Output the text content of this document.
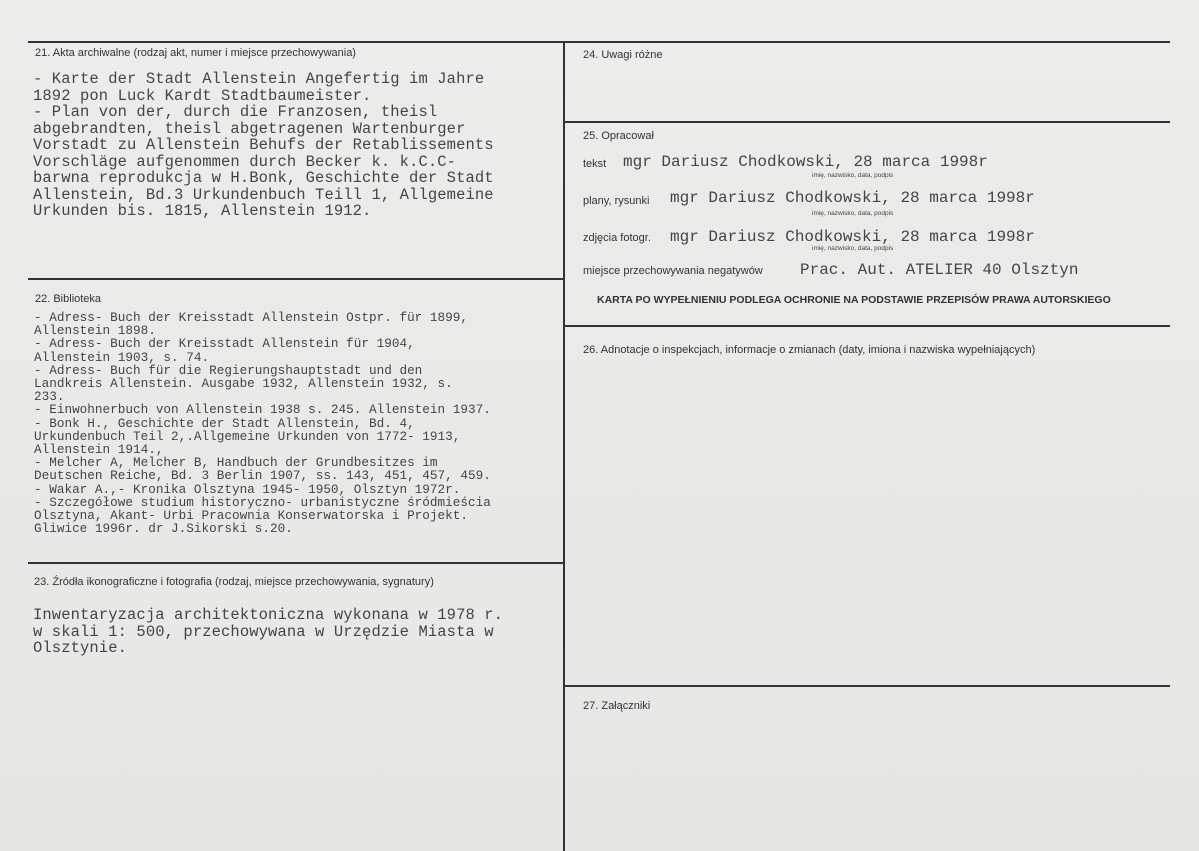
21. Akta archiwalne (rodzaj akt, numer i miejsce przechowywania)
- Karte der Stadt Allenstein Angefertig im Jahre
1892 pon Luck Kardt Stadtbaumeister.
- Plan von der, durch die Franzosen, theisl
abgebrandten, theisl abgetragenen Wartenburger
Vorstadt zu Allenstein Behufs der Retablissements
Vorschläge aufgenommen durch Becker k. k.C.C-
barwna reprodukcja w H.Bonk, Geschichte der Stadt
Allenstein, Bd.3 Urkundenbuch Teill 1, Allgemeine
Urkunden bis. 1815, Allenstein 1912.
22. Biblioteka
- Adress- Buch der Kreisstadt Allenstein Ostpr. für 1899,
Allenstein 1898.
- Adress- Buch der Kreisstadt Allenstein für 1904,
Allenstein 1903, s. 74.
- Adress- Buch für die Regierungshauptstadt und den
Landkreis Allenstein. Ausgabe 1932, Allenstein 1932, s.
233.
- Einwohnerbuch von Allenstein 1938 s. 245. Allenstein 1937.
- Bonk H., Geschichte der Stadt Allenstein, Bd. 4,
Urkundenbuch Teil 2,.Allgemeine Urkunden von 1772- 1913,
Allenstein 1914.,
- Melcher A, Melcher B, Handbuch der Grundbesitzes im
Deutschen Reiche, Bd. 3 Berlin 1907, ss. 143, 451, 457, 459.
- Wakar A.,- Kronika Olsztyna 1945- 1950, Olsztyn 1972r.
- Szczegółowe studium historyczno- urbanistyczne śródmieścia
Olsztyna, Akant- Urbi Pracownia Konserwatorska i Projekt.
Gliwice 1996r. dr J.Sikorski s.20.
23. Źródła ikonograficzne i fotografia (rodzaj, miejsce przechowywania, sygnatury)
Inwentaryzacja architektoniczna wykonana w 1978 r.
w skali 1: 500, przechowywana w Urzędzie Miasta w
Olsztynie.
24. Uwagi różne
25. Opracował
tekst mgr Dariusz Chodkowski, 28 marca 1998r
imię, nazwisko, data, podpis
plany, rysunki mgr Dariusz Chodkowski, 28 marca 1998r
imię, nazwisko, data, podpis
zdjęcia fotogr. mgr Dariusz Chodkowski, 28 marca 1998r
imię, nazwisko, data, podpis
miejsce przechowywania negatywów Prac. Aut. ATELIER 40 Olsztyn
KARTA PO WYPEŁNIENIU PODLEGA OCHRONIE NA PODSTAWIE PRZEPISÓW PRAWA AUTORSKIEGO
26. Adnotacje o inspekcjach, informacje o zmianach (daty, imiona i nazwiska wypełniających)
27. Załączniki
